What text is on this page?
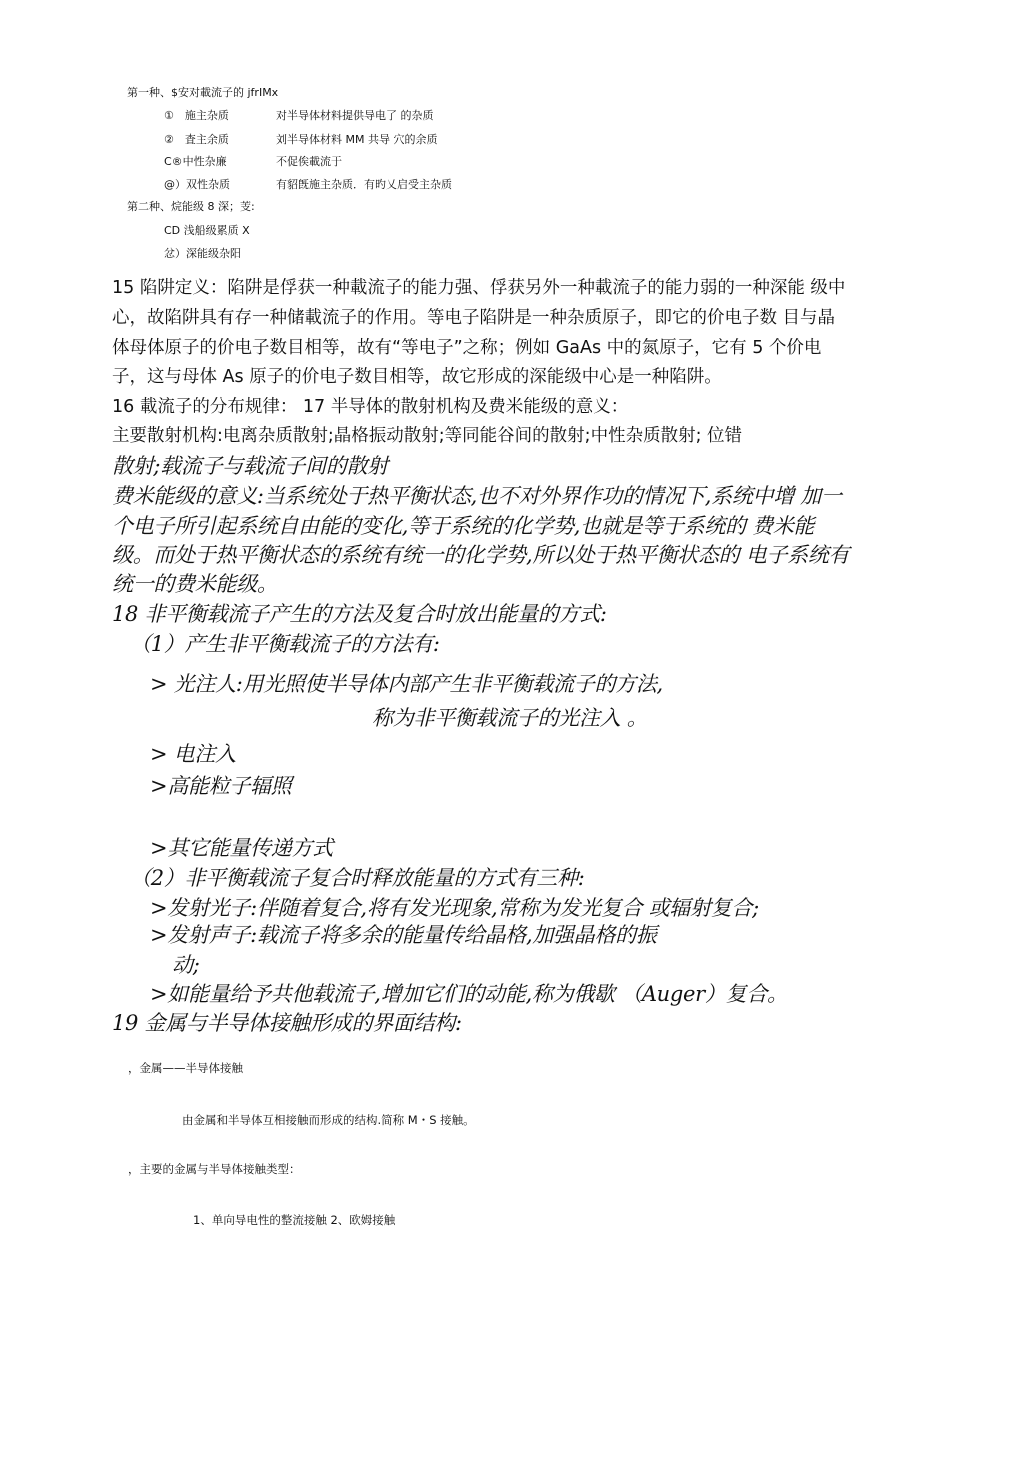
第一种、$安对載流子的 jfrIMx
①　施主杂质	对半导体材料提供导电了 的杂质
②　査主余质	刘半导体材料 MM 共导 穴的余质
C®中性杂廉	不促俟載流于
@）双性杂质	有貂旣施主杂质．有旳乂启受主杂质
第二种、烷能级 8 深；芰:
CD 浅船级累质 X
忿）深能级杂阳
15 陷阱定义：陷阱是俘获一种載流子的能力强、俘获另外一种載流子的能力弱的一种深能 级中
心，故陷阱具有存一种储載流子的作用。等电子陷阱是一种杂质原子，即它的价电子数 目与晶
体母体原子的价电子数目相等，故有“等电子”之称；例如 GaAs 中的氮原子，它有 5 个价电
子，这与母体 As 原子的价电子数目相等，故它形成的深能级中心是一种陷阱。
16 載流子的分布规律： 17 半导体的散射机构及费米能级的意义：
主要散射机构:电离杂质散射;晶格振动散射;等同能谷间的散射;中性杂质散射; 位错
散射;载流子与载流子间的散射
费米能级的意义:当系统处于热平衡状态,也不对外界作功的情况下,系统中增 加一
个电子所引起系统自由能的变化,等于系统的化学势,也就是等于系统的 费米能
级。而处于热平衡状态的系统有统一的化学势,所以处于热平衡状态的 电子系统有
统一的费米能级。
18 非平衡载流子产生的方法及复合时放出能量的方式:
（1）产生非平衡载流子的方法有:
> 光注人:用光照使半导体内部产生非平衡载流子的方法,
称为非平衡载流子的光注入 。
> 电注入
>高能粒子辐照
>其它能量传递方式
（2）非平衡载流子复合时释放能量的方式有三种:
>发射光子:伴随着复合,将有发光现象,常称为发光复合 或辐射复合;
>发射声子:载流子将多余的能量传给晶格,加强晶格的振
动;
>如能量给予共他载流子,增加它们的动能,称为俄歇 （Auger）复合。
19 金属与半导体接触形成的界面结构:
，金属——半导体接触
由金属和半导体互相接触而形成的结构.简称 M・S 接触。
，主要的金属与半导体接触类型：
1、单向导电性的整流接触 2、欧姆接触
